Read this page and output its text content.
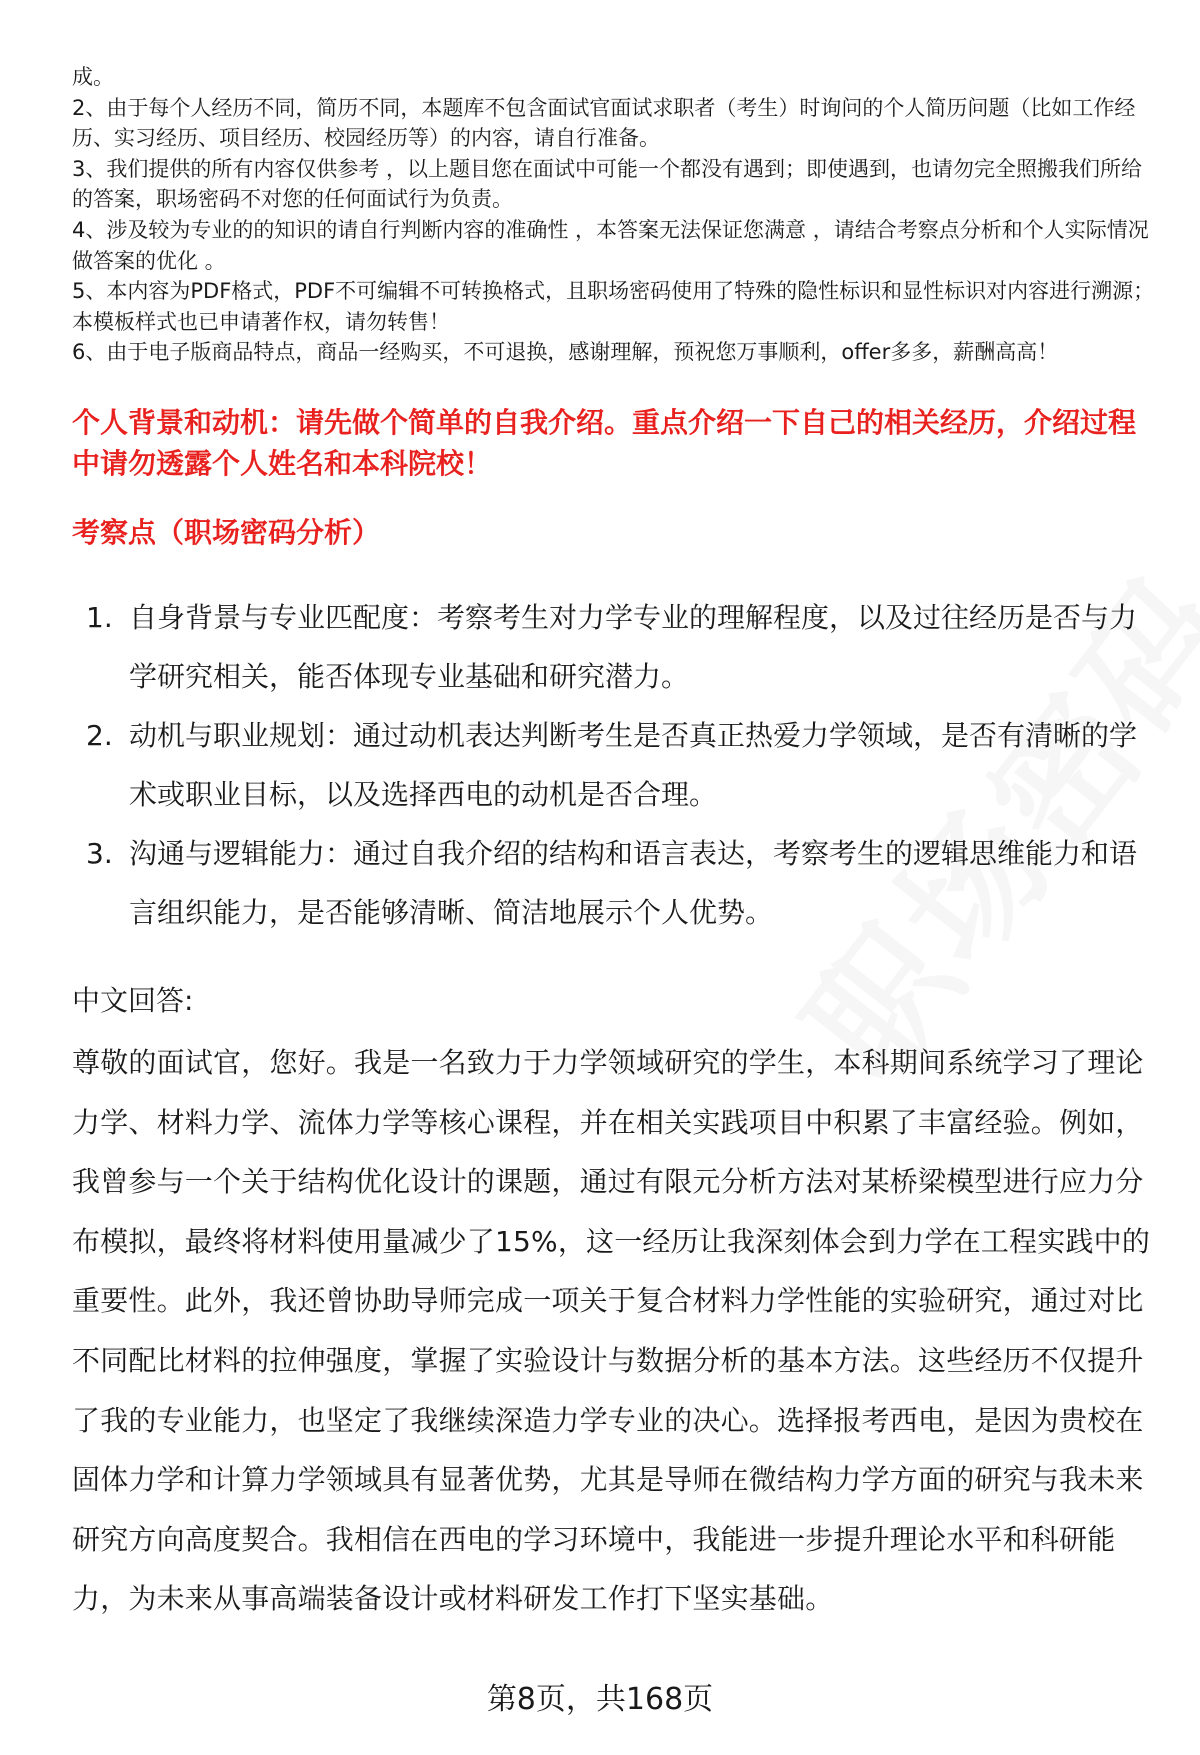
成。

2、由于每个人经历不同，简历不同，本题库不包含面试官面试求职者（考生）时询问的个人简历问题（比如工作经历、实习经历、项目经历、校园经历等）的内容，请自行准备。

3、我们提供的所有内容仅供参考 ，以上题目您在面试中可能一个都没有遇到；即使遇到，也请勿完全照搬我们所给的答案，职场密码不对您的任何面试行为负责。

4、涉及较为专业的的知识的请自行判断内容的准确性 ，本答案无法保证您满意 ，请结合考察点分析和个人实际情况做答案的优化 。

5、本内容为PDF格式，PDF不可编辑不可转换格式，且职场密码使用了特殊的隐性标识和显性标识对内容进行溯源；本模板样式也已申请著作权，请勿转售！

6、由于电子版商品特点，商品一经购买，不可退换，感谢理解，预祝您万事顺利，offer多多，薪酬高高！

个人背景和动机：请先做个简单的自我介绍。重点介绍一下自己的相关经历，介绍过程中请勿透露个人姓名和本科院校！
考察点（职场密码分析）
1. 自身背景与专业匹配度：考察考生对力学专业的理解程度，以及过往经历是否与力学研究相关，能否体现专业基础和研究潜力。
2. 动机与职业规划：通过动机表达判断考生是否真正热爱力学领域，是否有清晰的学术或职业目标，以及选择西电的动机是否合理。
3. 沟通与逻辑能力：通过自我介绍的结构和语言表达，考察考生的逻辑思维能力和语言组织能力，是否能够清晰、简洁地展示个人优势。
中文回答:
尊敬的面试官，您好。我是一名致力于力学领域研究的学生，本科期间系统学习了理论力学、材料力学、流体力学等核心课程，并在相关实践项目中积累了丰富经验。例如，我曾参与一个关于结构优化设计的课题，通过有限元分析方法对某桥梁模型进行应力分布模拟，最终将材料使用量减少了15%，这一经历让我深刻体会到力学在工程实践中的重要性。此外，我还曾协助导师完成一项关于复合材料力学性能的实验研究，通过对比不同配比材料的拉伸强度，掌握了实验设计与数据分析的基本方法。这些经历不仅提升了我的专业能力，也坚定了我继续深造力学专业的决心。选择报考西电，是因为贵校在固体力学和计算力学领域具有显著优势，尤其是导师在微结构力学方面的研究与我未来研究方向高度契合。我相信在西电的学习环境中，我能进一步提升理论水平和科研能力，为未来从事高端装备设计或材料研发工作打下坚实基础。
第8页，共168页
